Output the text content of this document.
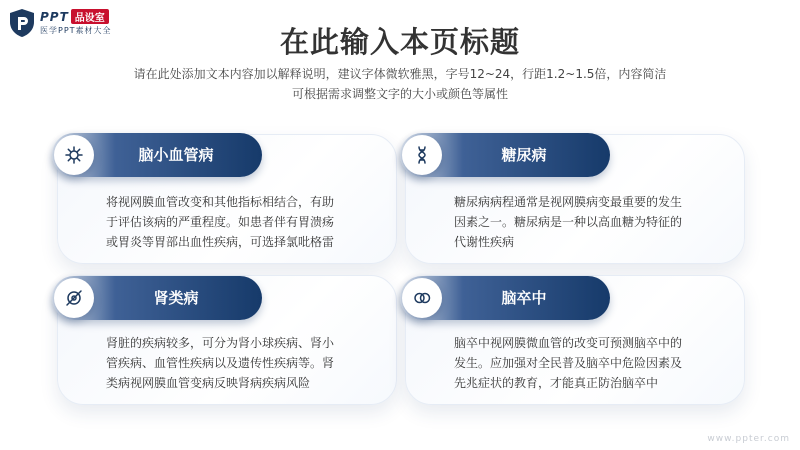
PPT 品设室
医学PPT素材大全	在此输入本页标题
请在此处添加文本内容加以解释说明，建议字体微软雅黑，字号12~24，行距1.2~1.5倍，内容简洁
可根据需求调整文字的大小或颜色等属性
将视网膜血管改变和其他指标相结合，有助
于评估该病的严重程度。如患者伴有胃溃疡
或胃炎等胃部出血性疾病，可选择氯吡格雷
脑小血管病
糖尿病病程通常是视网膜病变最重要的发生
因素之一。糖尿病是一种以高血糖为特征的
代谢性疾病
糖尿病
肾脏的疾病较多，可分为肾小球疾病、肾小
管疾病、血管性疾病以及遗传性疾病等。肾
类病视网膜血管变病反映肾病疾病风险
肾类病
脑卒中视网膜微血管的改变可预测脑卒中的
发生。应加强对全民普及脑卒中危险因素及
先兆症状的教育，才能真正防治脑卒中
脑卒中
www.ppter.com
